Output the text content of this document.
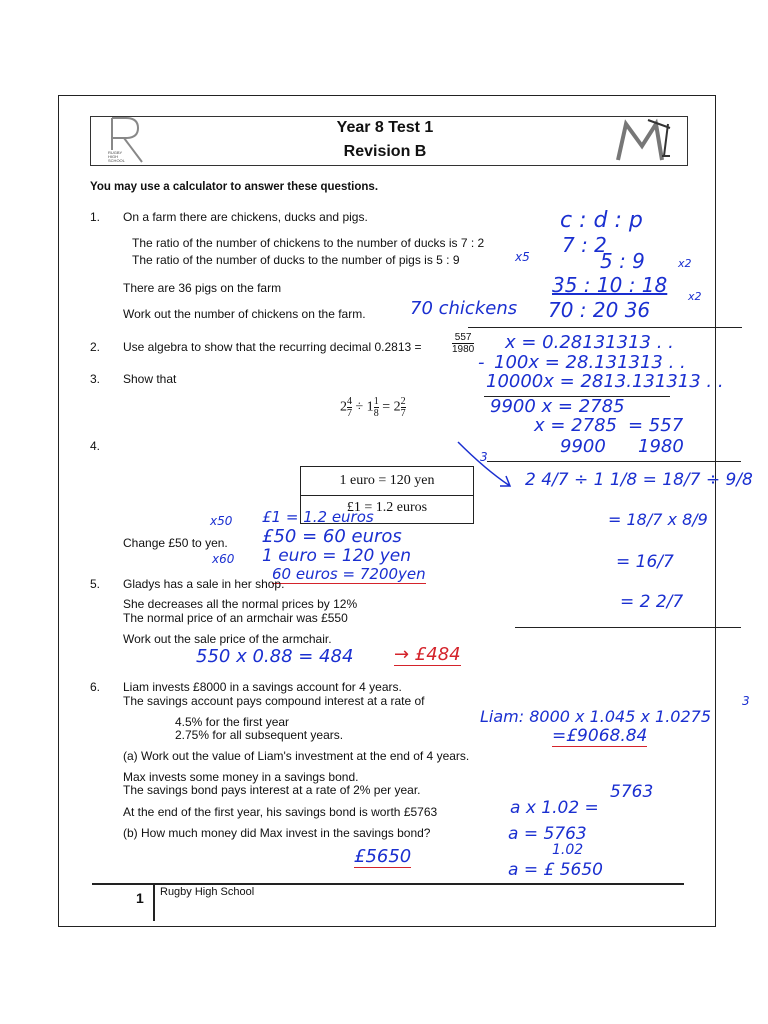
RUGBY
HIGH
SCHOOL
Year 8 Test 1
Revision B
You may use a calculator to answer these questions.
1. On a farm there are chickens, ducks and pigs.
The ratio of the number of chickens to the number of ducks is 7 : 2
The ratio of the number of ducks to the number of pigs is 5 : 9
There are 36 pigs on the farm
Work out the number of chickens on the farm. 70 chickens
c : d : p
7 : 2
5 : 9
x5	x2
35 : 10 : 18 x2
70 : 20 36
2. Use algebra to show that the recurring decimal 0.2813 =	$\frac{557}{1980}$ x = 0.28131313 . .
- 100x = 28.131313 . .
10000x = 2813.131313 . .
9900 x = 2785
x = 2785
9900
= 557
1980
3. Show that
$2 \frac{4}{7} \div 1 \frac{1}{8} = 2 \frac{2}{7}$
4.
3
2 4/7 ÷ 1 1/8 = 18/7 ÷ 9/8
= 18/7 x 8/9
= 16/7
= 2 2/7
1 euro = 120 yen
£1 = 1.2 euros
x50 £1 = 1.2 euros
£50 = 60 euros
Change £50 to yen.
x60 1 euro = 120 yen
60 euros = 7200yen
5. Gladys has a sale in her shop.
She decreases all the normal prices by 12%
The normal price of an armchair was £550
Work out the sale price of the armchair.
550 x 0.88 = 484 → £484
6. Liam invests £8000 in a savings account for 4 years.
The savings account pays compound interest at a rate of
4.5% for the first year
2.75% for all subsequent years.
(a) Work out the value of Liam's investment at the end of 4 years.
Max invests some money in a savings bond.
The savings bond pays interest at a rate of 2% per year.
At the end of the first year, his savings bond is worth £5763
(b) How much money did Max invest in the savings bond?
Liam: 8000 x 1.045 x 1.0275
3
=£9068.84
5763
a x 1.02 =
a = 5763
1.02
a = £ 5650
£5650
1 Rugby High School
